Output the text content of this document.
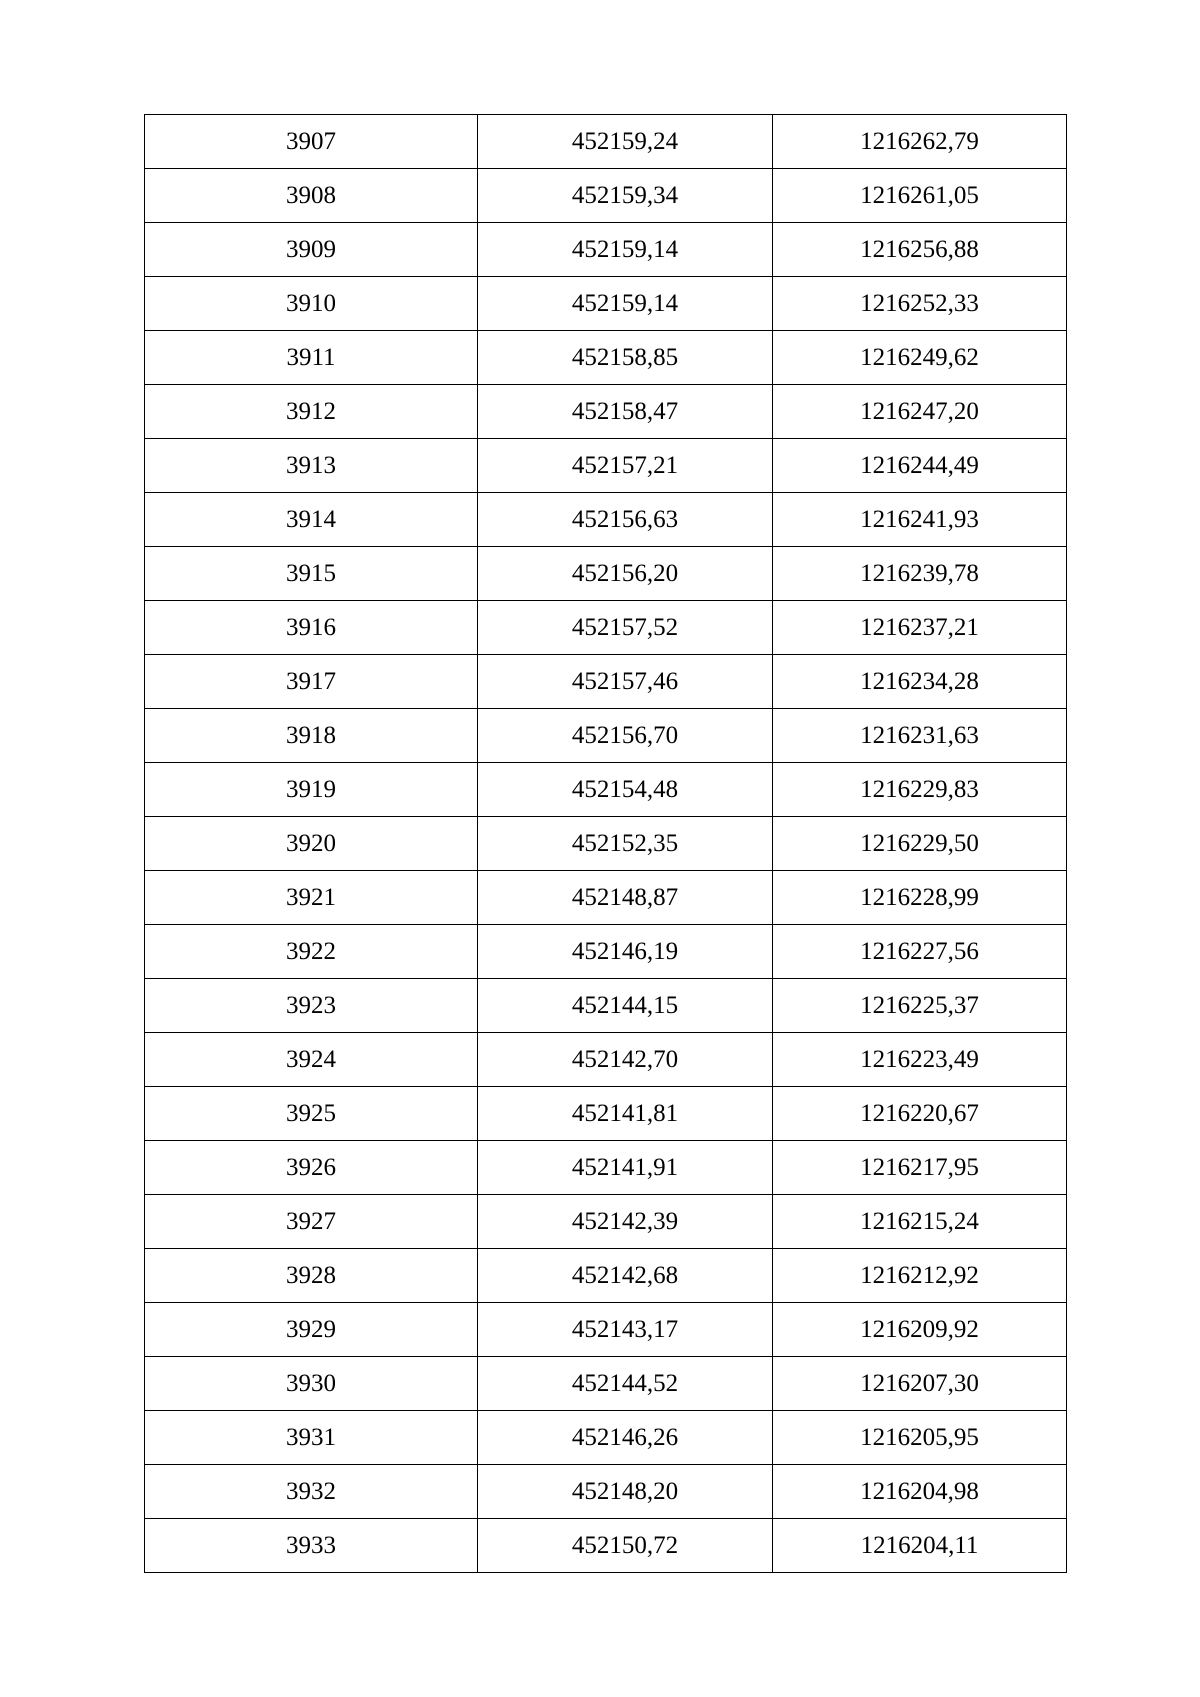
3907	452159,24	1216262,79
3908	452159,34	1216261,05
3909	452159,14	1216256,88
3910	452159,14	1216252,33
3911	452158,85	1216249,62
3912	452158,47	1216247,20
3913	452157,21	1216244,49
3914	452156,63	1216241,93
3915	452156,20	1216239,78
3916	452157,52	1216237,21
3917	452157,46	1216234,28
3918	452156,70	1216231,63
3919	452154,48	1216229,83
3920	452152,35	1216229,50
3921	452148,87	1216228,99
3922	452146,19	1216227,56
3923	452144,15	1216225,37
3924	452142,70	1216223,49
3925	452141,81	1216220,67
3926	452141,91	1216217,95
3927	452142,39	1216215,24
3928	452142,68	1216212,92
3929	452143,17	1216209,92
3930	452144,52	1216207,30
3931	452146,26	1216205,95
3932	452148,20	1216204,98
3933	452150,72	1216204,11
